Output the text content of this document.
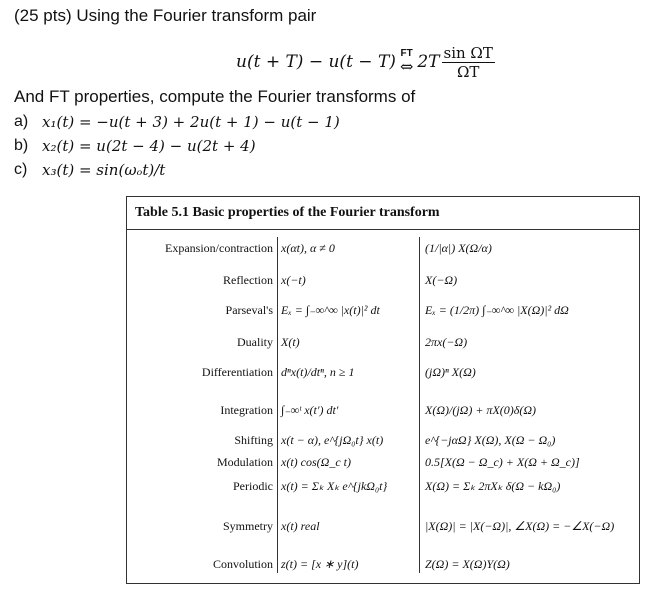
(25 pts) Using the Fourier transform pair
u(t + T) − u(t − T) FT
⇔ $2T \frac{\text{sin ΩT}}{\Omega T}$
And FT properties, compute the Fourier transforms of
a) x₁(t) = −u(t + 3) + 2u(t + 1) − u(t − 1)
b) x₂(t) = u(2t − 4) − u(2t + 4)
c) x₃(t) = sin(ωₒt)/t
Table 5.1 Basic properties of the Fourier transform
Expansion/contraction x(αt), α ≠ 0	(1/|α|) X(Ω/α)
Reflection x(−t)	X(−Ω)
Parseval's Eₓ = ∫₋∞^∞ |x(t)|² dt	Eₓ = (1/2π) ∫₋∞^∞ |X(Ω)|² dΩ
Duality X(t)	2πx(−Ω)
Differentiation dⁿx(t)/dtⁿ, n ≥ 1	(jΩ)ⁿ X(Ω)
Integration ∫₋∞ᵗ x(t′) dt′	X(Ω)/(jΩ) + πX(0)δ(Ω)
Shifting x(t − α), e^{jΩ₀t} x(t)	e^{−jαΩ} X(Ω), X(Ω − Ω₀)
Modulation x(t) cos(Ω_c t)	0.5[X(Ω − Ω_c) + X(Ω + Ω_c)]
Periodic x(t) = Σₖ Xₖ e^{jkΩ₀t}	X(Ω) = Σₖ 2πXₖ δ(Ω − kΩ₀)
Symmetry x(t) real	|X(Ω)| = |X(−Ω)|, ∠X(Ω) = −∠X(−Ω)
Convolution z(t) = [x ∗ y](t)	Z(Ω) = X(Ω)Y(Ω)
